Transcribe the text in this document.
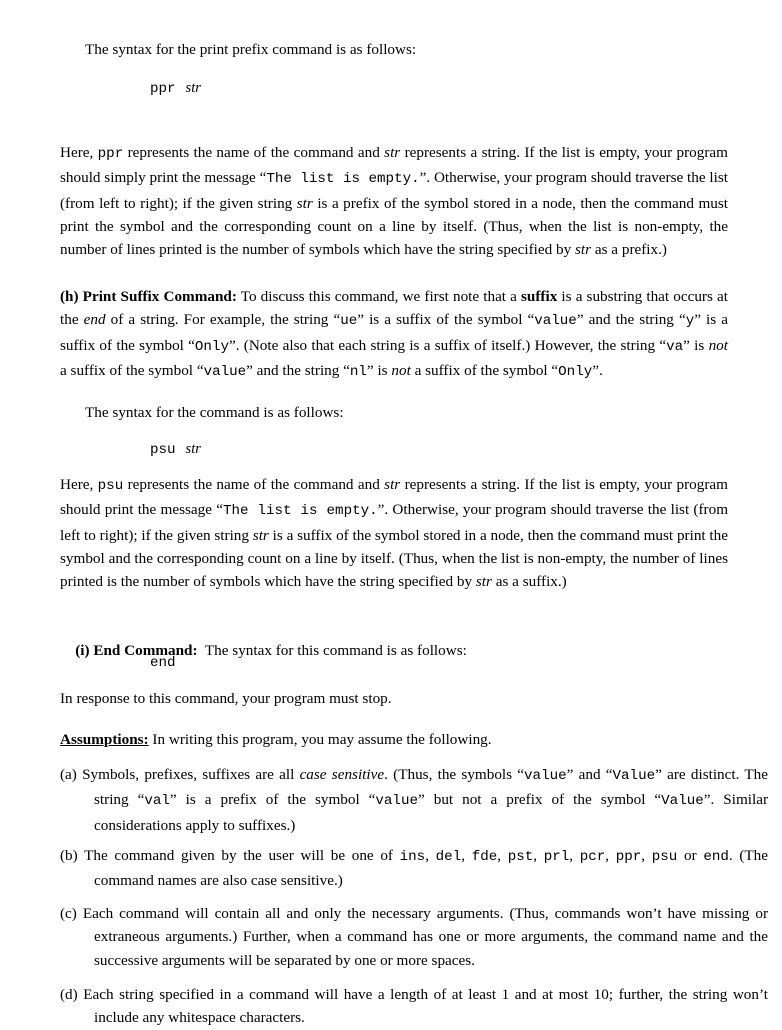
The syntax for the print prefix command is as follows:

ppr str

Here, ppr represents the name of the command and str represents a string. If the list is empty, your program should simply print the message “The list is empty.”. Otherwise, your program should traverse the list (from left to right); if the given string str is a prefix of the symbol stored in a node, then the command must print the symbol and the corresponding count on a line by itself. (Thus, when the list is non-empty, the number of lines printed is the number of symbols which have the string specified by str as a prefix.)

(h) Print Suffix Command: To discuss this command, we first note that a suffix is a substring that occurs at the end of a string. For example, the string “ue” is a suffix of the symbol “value” and the string “y” is a suffix of the symbol “Only”. (Note also that each string is a suffix of itself.) However, the string “va” is not a suffix of the symbol “value” and the string “nl” is not a suffix of the symbol “Only”.

The syntax for the command is as follows:

psu str

Here, psu represents the name of the command and str represents a string. If the list is empty, your program should print the message “The list is empty.”. Otherwise, your program should traverse the list (from left to right); if the given string str is a suffix of the symbol stored in a node, then the command must print the symbol and the corresponding count on a line by itself. (Thus, when the list is non-empty, the number of lines printed is the number of symbols which have the string specified by str as a suffix.)

(i) End Command:  The syntax for this command is as follows:

end

In response to this command, your program must stop.

Assumptions: In writing this program, you may assume the following.

(a) Symbols, prefixes, suffixes are all case sensitive. (Thus, the symbols “value” and “Value” are distinct. The string “val” is a prefix of the symbol “value” but not a prefix of the symbol “Value”. Similar considerations apply to suffixes.)

(b) The command given by the user will be one of ins, del, fde, pst, prl, pcr, ppr, psu or end. (The command names are also case sensitive.)

(c) Each command will contain all and only the necessary arguments. (Thus, commands won’t have missing or extraneous arguments.) Further, when a command has one or more arguments, the command name and the successive arguments will be separated by one or more spaces.

(d) Each string specified in a command will have a length of at least 1 and at most 10; further, the string won’t include any whitespace characters.
